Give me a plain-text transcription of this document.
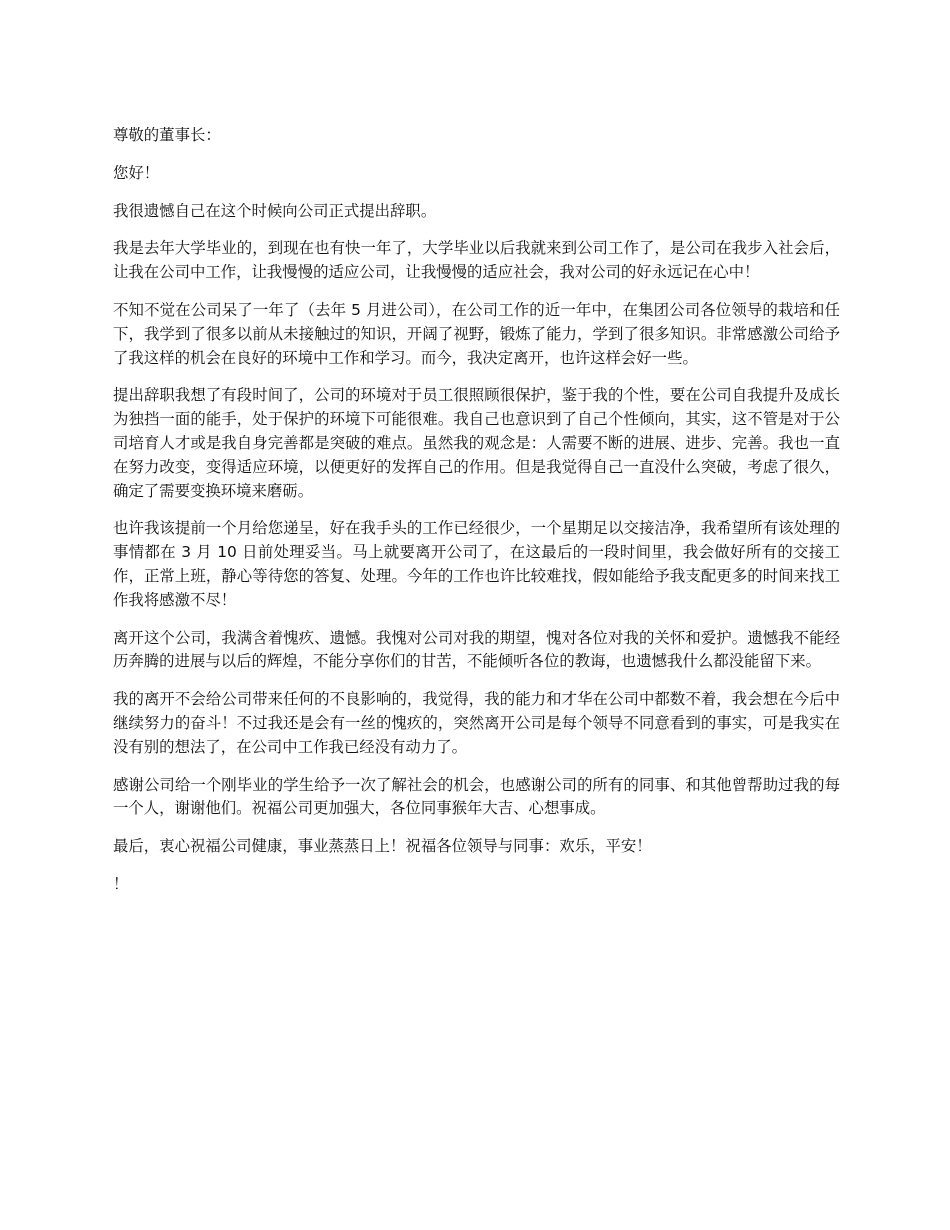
尊敬的董事长：

您好！

我很遗憾自己在这个时候向公司正式提出辞职。

我是去年大学毕业的，到现在也有快一年了，大学毕业以后我就来到公司工作了，是公司在我步入社会后，让我在公司中工作，让我慢慢的适应公司，让我慢慢的适应社会，我对公司的好永远记在心中！

不知不觉在公司呆了一年了（去年 5 月进公司），在公司工作的近一年中，在集团公司各位领导的栽培和任下，我学到了很多以前从未接触过的知识，开阔了视野，锻炼了能力，学到了很多知识。非常感激公司给予了我这样的机会在良好的环境中工作和学习。而今，我决定离开，也许这样会好一些。

提出辞职我想了有段时间了，公司的环境对于员工很照顾很保护，鉴于我的个性，要在公司自我提升及成长为独挡一面的能手，处于保护的环境下可能很难。我自己也意识到了自己个性倾向，其实，这不管是对于公司培育人才或是我自身完善都是突破的难点。虽然我的观念是：人需要不断的进展、进步、完善。我也一直在努力改变，变得适应环境，以便更好的发挥自己的作用。但是我觉得自己一直没什么突破，考虑了很久，确定了需要变换环境来磨砺。

也许我该提前一个月给您递呈，好在我手头的工作已经很少，一个星期足以交接洁净，我希望所有该处理的事情都在 3 月 10 日前处理妥当。马上就要离开公司了，在这最后的一段时间里，我会做好所有的交接工作，正常上班，静心等待您的答复、处理。今年的工作也许比较难找，假如能给予我支配更多的时间来找工作我将感激不尽！

离开这个公司，我满含着愧疚、遗憾。我愧对公司对我的期望，愧对各位对我的关怀和爱护。遗憾我不能经历奔腾的进展与以后的辉煌，不能分享你们的甘苦，不能倾听各位的教诲，也遗憾我什么都没能留下来。

我的离开不会给公司带来任何的不良影响的，我觉得，我的能力和才华在公司中都数不着，我会想在今后中继续努力的奋斗！不过我还是会有一丝的愧疚的，突然离开公司是每个领导不同意看到的事实，可是我实在没有别的想法了，在公司中工作我已经没有动力了。

感谢公司给一个刚毕业的学生给予一次了解社会的机会，也感谢公司的所有的同事、和其他曾帮助过我的每一个人，谢谢他们。祝福公司更加强大，各位同事猴年大吉、心想事成。

最后，衷心祝福公司健康，事业蒸蒸日上！祝福各位领导与同事：欢乐，平安！

！
